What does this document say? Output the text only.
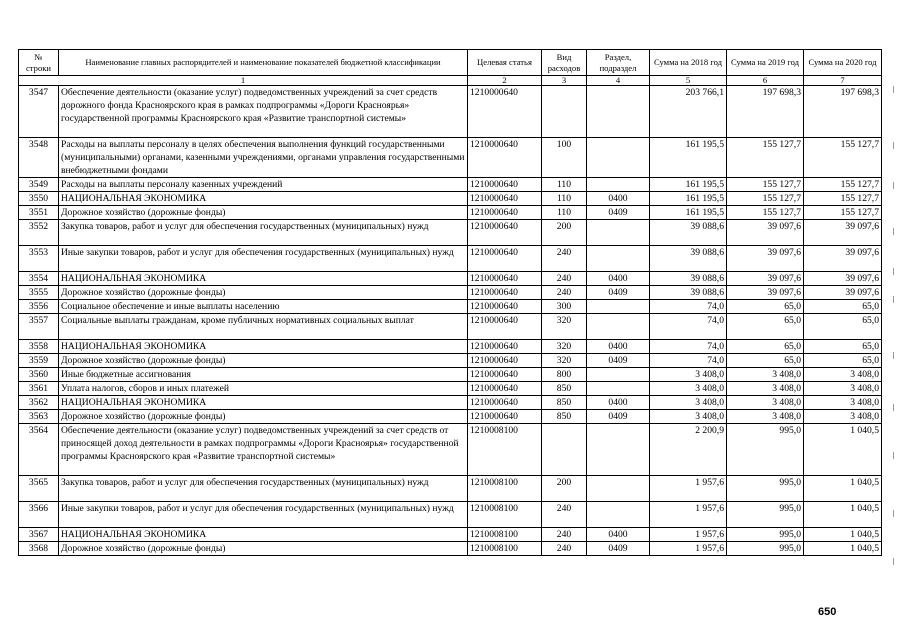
№ строки	Наименование главных распорядителей и наименование показателей бюджетной классификации	Целевая статья	Вид расходов	Раздел, подраздел	Сумма на 2018 год	Сумма на 2019 год	Сумма на 2020 год
1		2	3	4	5	6	7
3547	Обеспечение деятельности (оказание услуг) подведомственных учреждений за счет средств дорожного фонда Красноярского края в рамках подпрограммы «Дороги Красноярья» государственной программы Красноярского края «Развитие транспортной системы»	1210000640			203 766,1	197 698,3	197 698,3
3548	Расходы на выплаты персоналу в целях обеспечения выполнения функций государственными (муниципальными) органами, казенными учреждениями, органами управления государственными внебюджетными фондами	1210000640	100		161 195,5	155 127,7	155 127,7
3549	Расходы на выплаты персоналу казенных учреждений	1210000640	110		161 195,5	155 127,7	155 127,7
3550	НАЦИОНАЛЬНАЯ ЭКОНОМИКА	1210000640	110	0400	161 195,5	155 127,7	155 127,7
3551	Дорожное хозяйство (дорожные фонды)	1210000640	110	0409	161 195,5	155 127,7	155 127,7
3552	Закупка товаров, работ и услуг для обеспечения государственных (муниципальных) нужд	1210000640	200		39 088,6	39 097,6	39 097,6
3553	Иные закупки товаров, работ и услуг для обеспечения государственных (муниципальных) нужд	1210000640	240		39 088,6	39 097,6	39 097,6
3554	НАЦИОНАЛЬНАЯ ЭКОНОМИКА	1210000640	240	0400	39 088,6	39 097,6	39 097,6
3555	Дорожное хозяйство (дорожные фонды)	1210000640	240	0409	39 088,6	39 097,6	39 097,6
3556	Социальное обеспечение и иные выплаты населению	1210000640	300		74,0	65,0	65,0
3557	Социальные выплаты гражданам, кроме публичных нормативных социальных выплат	1210000640	320		74,0	65,0	65,0
3558	НАЦИОНАЛЬНАЯ ЭКОНОМИКА	1210000640	320	0400	74,0	65,0	65,0
3559	Дорожное хозяйство (дорожные фонды)	1210000640	320	0409	74,0	65,0	65,0
3560	Иные бюджетные ассигнования	1210000640	800		3 408,0	3 408,0	3 408,0
3561	Уплата налогов, сборов и иных платежей	1210000640	850		3 408,0	3 408,0	3 408,0
3562	НАЦИОНАЛЬНАЯ ЭКОНОМИКА	1210000640	850	0400	3 408,0	3 408,0	3 408,0
3563	Дорожное хозяйство (дорожные фонды)	1210000640	850	0409	3 408,0	3 408,0	3 408,0
3564	Обеспечение деятельности (оказание услуг) подведомственных учреждений за счет средств от приносящей доход деятельности в рамках подпрограммы «Дороги Красноярья» государственной программы Красноярского края «Развитие транспортной системы»	1210008100			2 200,9	995,0	1 040,5
3565	Закупка товаров, работ и услуг для обеспечения государственных (муниципальных) нужд	1210008100	200		1 957,6	995,0	1 040,5
3566	Иные закупки товаров, работ и услуг для обеспечения государственных (муниципальных) нужд	1210008100	240		1 957,6	995,0	1 040,5
3567	НАЦИОНАЛЬНАЯ ЭКОНОМИКА	1210008100	240	0400	1 957,6	995,0	1 040,5
3568	Дорожное хозяйство (дорожные фонды)	1210008100	240	0409	1 957,6	995,0	1 040,5
650
